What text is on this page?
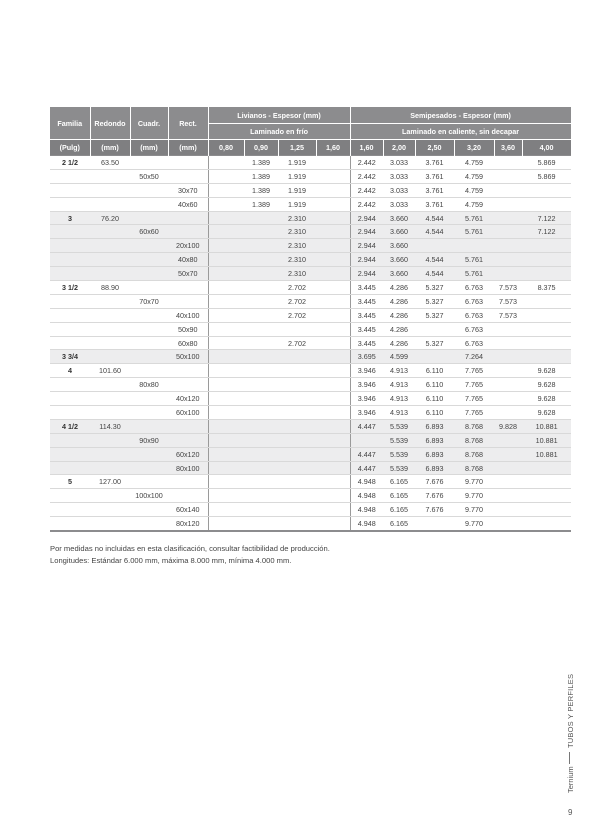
Familia	Redondo	Cuadr.	Rect.	Livianos - Espesor (mm)				Semipesados - Espesor (mm)					
				Laminado en frío				Laminado en caliente, sin decapar					
(Pulg)	(mm)	(mm)	(mm)	0,80	0,90	1,25	1,60	1,60	2,00	2,50	3,20	3,60	4,00
2 1/2	63.50				1.389	1.919		2.442	3.033	3.761	4.759		5.869
		50x50			1.389	1.919		2.442	3.033	3.761	4.759		5.869
			30x70		1.389	1.919		2.442	3.033	3.761	4.759		
			40x60		1.389	1.919		2.442	3.033	3.761	4.759		
3	76.20					2.310		2.944	3.660	4.544	5.761		7.122
		60x60				2.310		2.944	3.660	4.544	5.761		7.122
			20x100			2.310		2.944	3.660				
			40x80			2.310		2.944	3.660	4.544	5.761		
			50x70			2.310		2.944	3.660	4.544	5.761		
3 1/2	88.90					2.702		3.445	4.286	5.327	6.763	7.573	8.375
		70x70				2.702		3.445	4.286	5.327	6.763	7.573	
			40x100			2.702		3.445	4.286	5.327	6.763	7.573	
			50x90					3.445	4.286		6.763		
			60x80			2.702		3.445	4.286	5.327	6.763		
3 3/4			50x100					3.695	4.599		7.264		
4	101.60							3.946	4.913	6.110	7.765		9.628
		80x80						3.946	4.913	6.110	7.765		9.628
			40x120					3.946	4.913	6.110	7.765		9.628
			60x100					3.946	4.913	6.110	7.765		9.628
4 1/2	114.30							4.447	5.539	6.893	8.768	9.828	10.881
		90x90							5.539	6.893	8.768		10.881
			60x120					4.447	5.539	6.893	8.768		10.881
			80x100					4.447	5.539	6.893	8.768		
5	127.00							4.948	6.165	7.676	9.770		
		100x100						4.948	6.165	7.676	9.770		
			60x140					4.948	6.165	7.676	9.770		
			80x120					4.948	6.165		9.770		
Por medidas no incluidas en esta clasificación, consultar factibilidad de producción.
Longitudes: Estándar 6.000 mm, máxima 8.000 mm, mínima 4.000 mm.
TUBOS Y PERFILES
Ternium
9
